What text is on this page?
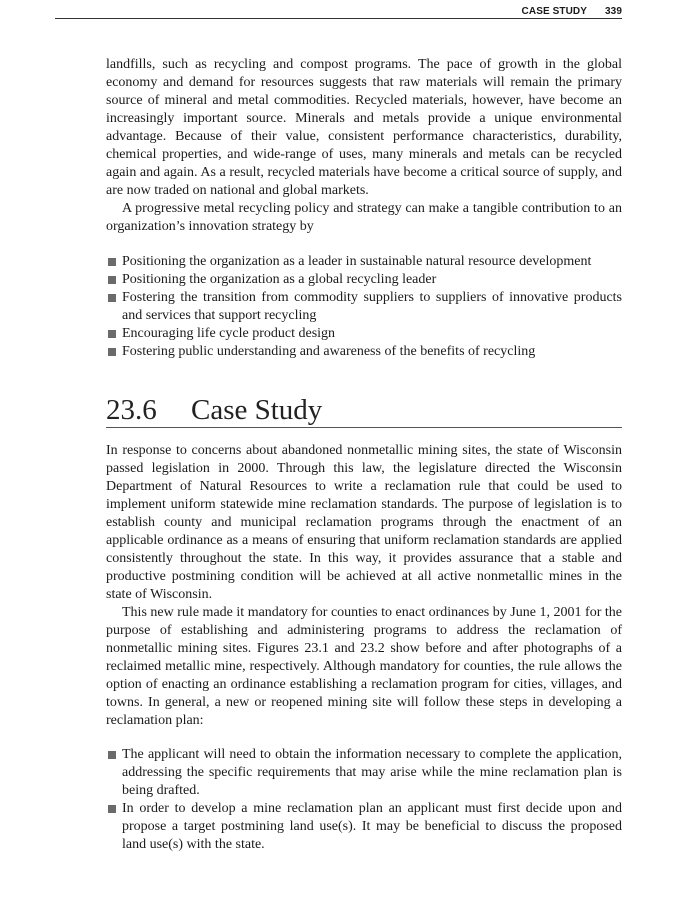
CASE STUDY 339

landfills, such as recycling and compost programs. The pace of growth in the global economy and demand for resources suggests that raw materials will remain the primary source of mineral and metal commodities. Recycled materials, however, have become an increasingly important source. Minerals and metals provide a unique environmental advantage. Because of their value, consistent performance characteristics, durability, chemical properties, and wide-range of uses, many minerals and metals can be recycled again and again. As a result, recycled materials have become a critical source of supply, and are now traded on national and global markets.

A progressive metal recycling policy and strategy can make a tangible contribution to an organization’s innovation strategy by

Positioning the organization as a leader in sustainable natural resource development
Positioning the organization as a global recycling leader
Fostering the transition from commodity suppliers to suppliers of innovative products and services that support recycling
Encouraging life cycle product design
Fostering public understanding and awareness of the benefits of recycling
23.6 Case Study

In response to concerns about abandoned nonmetallic mining sites, the state of Wisconsin passed legislation in 2000. Through this law, the legislature directed the Wisconsin Department of Natural Resources to write a reclamation rule that could be used to implement uniform statewide mine reclamation standards. The purpose of legislation is to establish county and municipal reclamation programs through the enactment of an applicable ordinance as a means of ensuring that uniform reclamation standards are applied consistently throughout the state. In this way, it provides assurance that a stable and productive postmining condition will be achieved at all active nonmetallic mines in the state of Wisconsin.

This new rule made it mandatory for counties to enact ordinances by June 1, 2001 for the purpose of establishing and administering programs to address the reclamation of nonmetallic mining sites. Figures 23.1 and 23.2 show before and after photographs of a reclaimed metallic mine, respectively. Although mandatory for counties, the rule allows the option of enacting an ordinance establishing a reclamation program for cities, villages, and towns. In general, a new or reopened mining site will follow these steps in developing a reclamation plan:

The applicant will need to obtain the information necessary to complete the application, addressing the specific requirements that may arise while the mine reclamation plan is being drafted.
In order to develop a mine reclamation plan an applicant must first decide upon and propose a target postmining land use(s). It may be beneficial to discuss the proposed land use(s) with the state.
